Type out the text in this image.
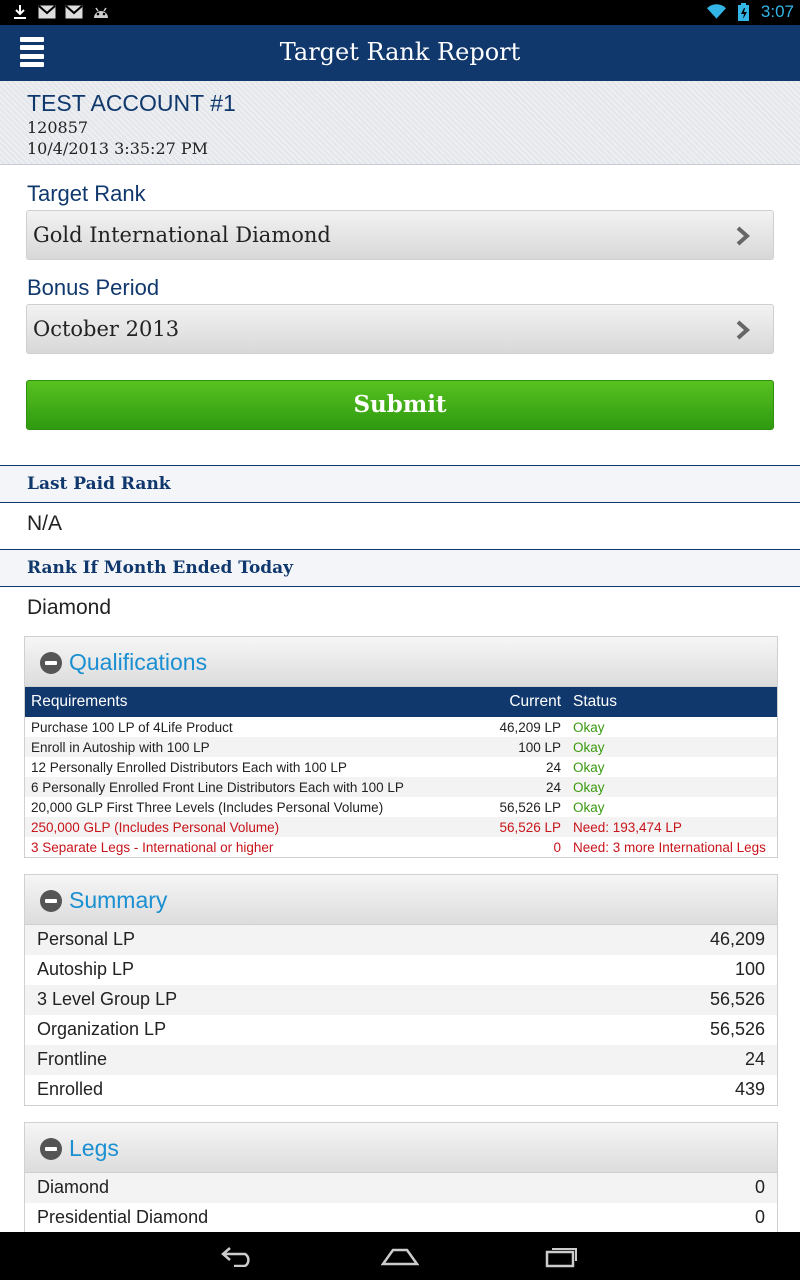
3:07
Target Rank Report
TEST ACCOUNT #1
120857
10/4/2013 3:35:27 PM
Target Rank
Gold International Diamond
Bonus Period
October 2013
Submit
Last Paid Rank
N/A
Rank If Month Ended Today
Diamond
Qualifications
Requirements	Current	Status
Purchase 100 LP of 4Life Product	46,209 LP	Okay
Enroll in Autoship with 100 LP	100 LP	Okay
12 Personally Enrolled Distributors Each with 100 LP	24	Okay
6 Personally Enrolled Front Line Distributors Each with 100 LP	24	Okay
20,000 GLP First Three Levels (Includes Personal Volume)	56,526 LP	Okay
250,000 GLP (Includes Personal Volume)	56,526 LP	Need: 193,474 LP
3 Separate Legs - International or higher	0	Need: 3 more International Legs
Summary
Personal LP	46,209
Autoship LP	100
3 Level Group LP	56,526
Organization LP	56,526
Frontline	24
Enrolled	439
Legs
Diamond	0
Presidential Diamond	0
